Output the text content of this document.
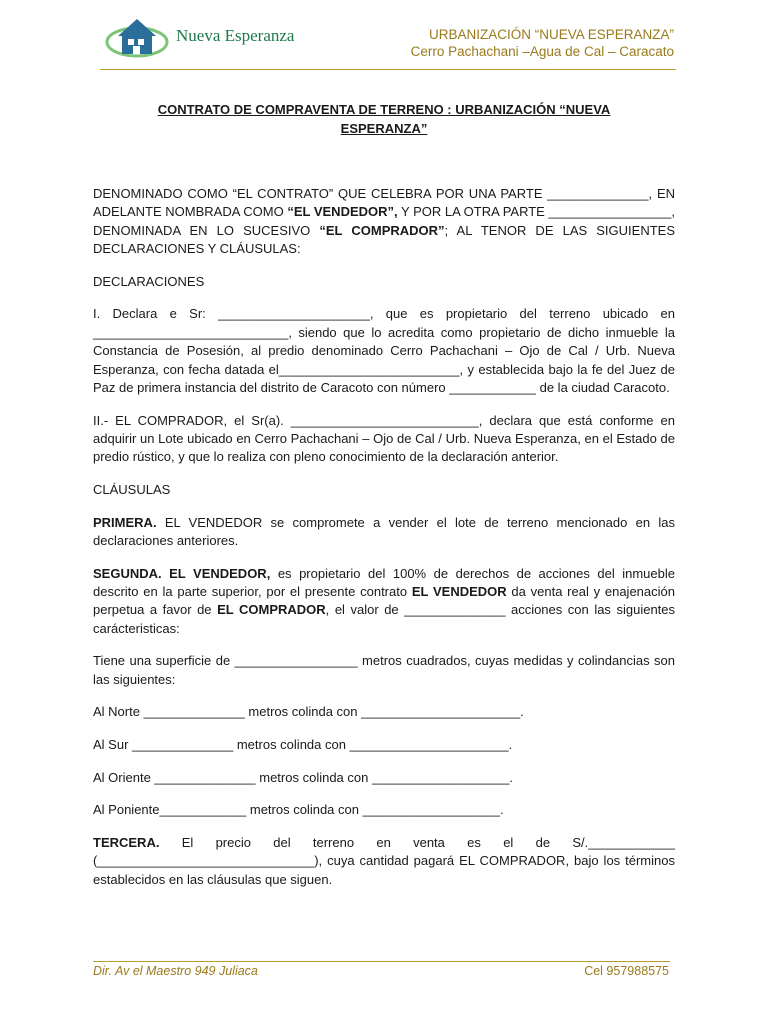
Nueva Esperanza	URBANIZACIÓN “NUEVA ESPERANZA”
Cerro Pachachani –Agua de Cal – Caracato
CONTRATO DE COMPRAVENTA DE TERRENO : URBANIZACIÓN “NUEVA ESPERANZA”

DENOMINADO COMO “EL CONTRATO” QUE CELEBRA POR UNA PARTE ______________, EN ADELANTE NOMBRADA COMO “EL VENDEDOR”, Y POR LA OTRA PARTE _________________, DENOMINADA EN LO SUCESIVO “EL COMPRADOR”; AL TENOR DE LAS SIGUIENTES DECLARACIONES Y CLÁUSULAS:

DECLARACIONES

I. Declara e Sr: _____________________, que es propietario del terreno ubicado en ___________________________, siendo que lo acredita como propietario de dicho inmueble la Constancia de Posesión, al predio denominado Cerro Pachachani – Ojo de Cal / Urb. Nueva Esperanza, con fecha datada el_________________________, y establecida bajo la fe del Juez de Paz de primera instancia del distrito de Caracoto con número ____________ de la ciudad Caracoto.

II.- EL COMPRADOR, el Sr(a). __________________________, declara que está conforme en adquirir un Lote ubicado en Cerro Pachachani – Ojo de Cal / Urb. Nueva Esperanza, en el Estado de predio rústico, y que lo realiza con pleno conocimiento de la declaración anterior.

CLÁUSULAS

PRIMERA. EL VENDEDOR se compromete a vender el lote de terreno mencionado en las declaraciones anteriores.

SEGUNDA. EL VENDEDOR, es propietario del 100% de derechos de acciones del inmueble descrito en la parte superior, por el presente contrato EL VENDEDOR da venta real y enajenación perpetua a favor de EL COMPRADOR, el valor de ______________ acciones con las siguientes carácteristicas:

Tiene una superficie de _________________ metros cuadrados, cuyas medidas y colindancias son las siguientes:

Al Norte ______________ metros colinda con ______________________.

Al Sur ______________ metros colinda con ______________________.

Al Oriente ______________ metros colinda con ___________________.

Al Poniente____________ metros colinda con ___________________.

TERCERA. El precio del terreno en venta es el de S/.____________ (______________________________), cuya cantidad pagará EL COMPRADOR, bajo los términos establecidos en las cláusulas que siguen.

Dir. Av el Maestro 949 Juliaca	Cel 957988575
